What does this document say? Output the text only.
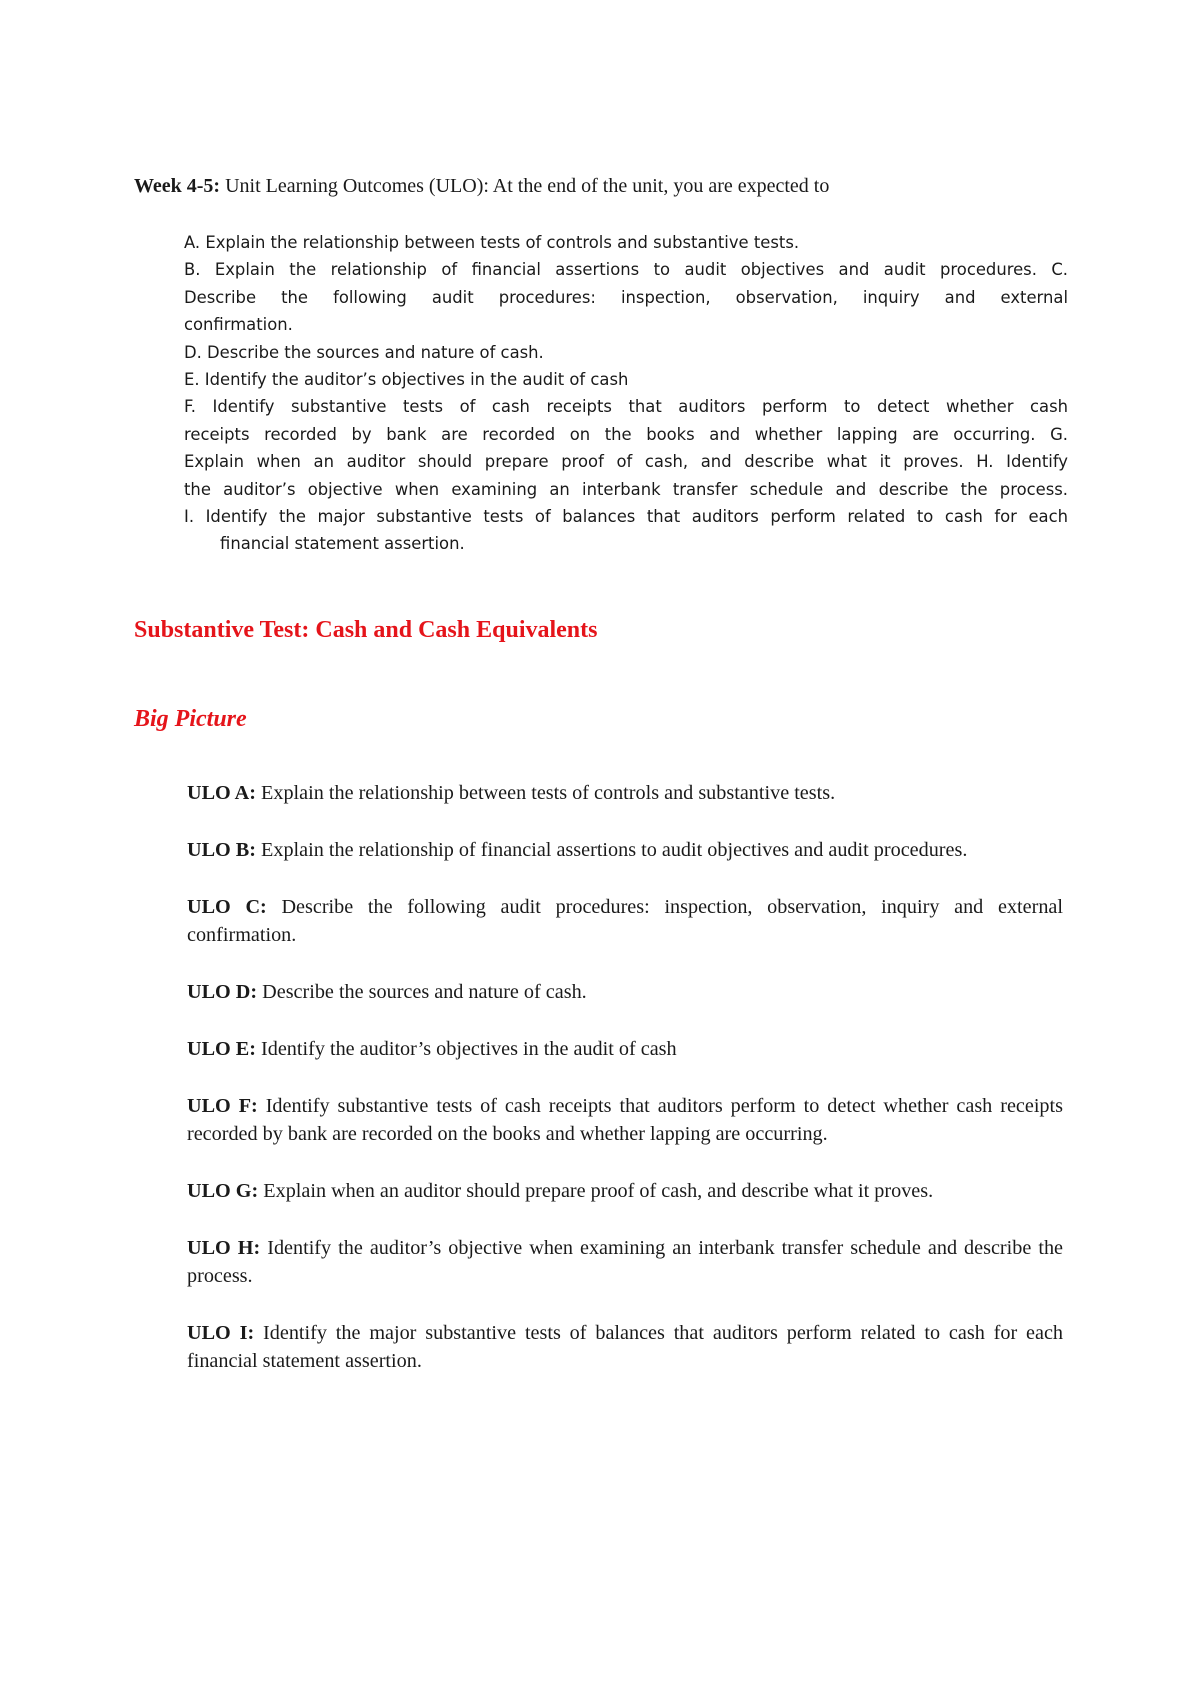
Week 4-5: Unit Learning Outcomes (ULO): At the end of the unit, you are expected to
A. Explain the relationship between tests of controls and substantive tests.
B. Explain the relationship of financial assertions to audit objectives and audit procedures. C.
Describe the following audit procedures: inspection, observation, inquiry and external
confirmation.
D. Describe the sources and nature of cash.
E. Identify the auditor’s objectives in the audit of cash
F. Identify substantive tests of cash receipts that auditors perform to detect whether cash
receipts recorded by bank are recorded on the books and whether lapping are occurring. G.
Explain when an auditor should prepare proof of cash, and describe what it proves. H. Identify
the auditor’s objective when examining an interbank transfer schedule and describe the process.
I. Identify the major substantive tests of balances that auditors perform related to cash for each
financial statement assertion.
Substantive Test: Cash and Cash Equivalents
Big Picture

ULO A: Explain the relationship between tests of controls and substantive tests.

ULO B: Explain the relationship of financial assertions to audit objectives and audit procedures.

ULO C: Describe the following audit procedures: inspection, observation, inquiry and external confirmation.

ULO D: Describe the sources and nature of cash.

ULO E: Identify the auditor’s objectives in the audit of cash

ULO F: Identify substantive tests of cash receipts that auditors perform to detect whether cash receipts recorded by bank are recorded on the books and whether lapping are occurring.

ULO G: Explain when an auditor should prepare proof of cash, and describe what it proves.

ULO H: Identify the auditor’s objective when examining an interbank transfer schedule and describe the process.

ULO I: Identify the major substantive tests of balances that auditors perform related to cash for each financial statement assertion.
